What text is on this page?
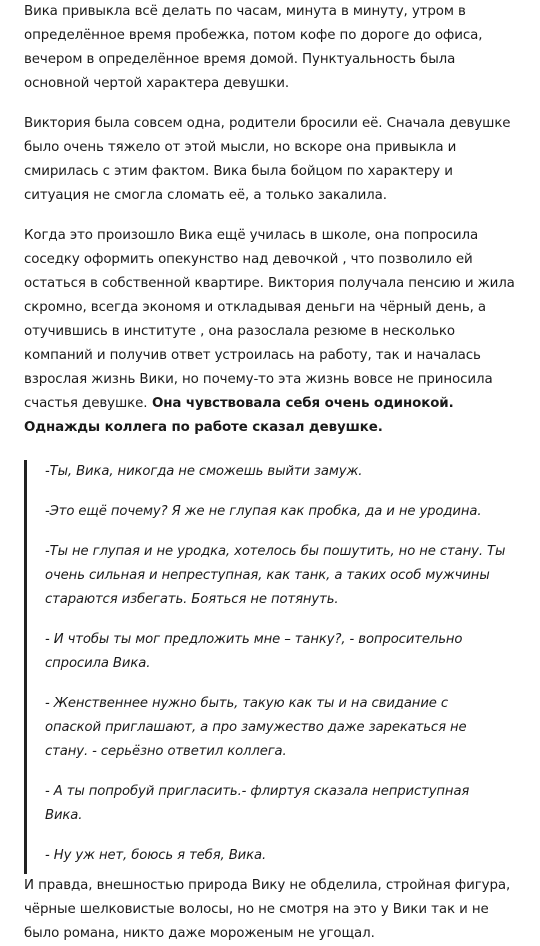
Вика привыкла всё делать по часам, минута в минуту, утром в определённое время пробежка, потом кофе по дороге до офиса, вечером в определённое время домой. Пунктуальность была основной чертой характера девушки.

Виктория была совсем одна, родители бросили её. Сначала девушке было очень тяжело от этой мысли, но вскоре она привыкла и смирилась с этим фактом. Вика была бойцом по характеру и ситуация не смогла сломать её, а только закалила.

Когда это произошло Вика ещё училась в школе, она попросила соседку оформить опекунство над девочкой , что позволило ей остаться в собственной квартире. Виктория получала пенсию и жила скромно, всегда экономя и откладывая деньги на чёрный день, а отучившись в институте , она разослала резюме в несколько компаний и получив ответ устроилась на работу, так и началась взрослая жизнь Вики, но почему-то эта жизнь вовсе не приносила счастья девушке. Она чувствовала себя очень одинокой. Однажды коллега по работе сказал девушке.

-Ты, Вика, никогда не сможешь выйти замуж.

-Это ещё почему? Я же не глупая как пробка, да и не уродина.

-Ты не глупая и не уродка, хотелось бы пошутить, но не стану. Ты очень сильная и непреступная, как танк, а таких особ мужчины стараются избегать. Бояться не потянуть.

- И чтобы ты мог предложить мне – танку?, - вопросительно спросила Вика.

- Женственнее нужно быть, такую как ты и на свидание с опаской приглашают, а про замужество даже зарекаться не стану. - серьёзно ответил коллега.

- А ты попробуй пригласить.- флиртуя сказала неприступная Вика.

- Ну уж нет, боюсь я тебя, Вика.

И правда, внешностью природа Вику не обделила, стройная фигура, чёрные шелковистые волосы, но не смотря на это у Вики так и не было романа, никто даже мороженым не угощал.
